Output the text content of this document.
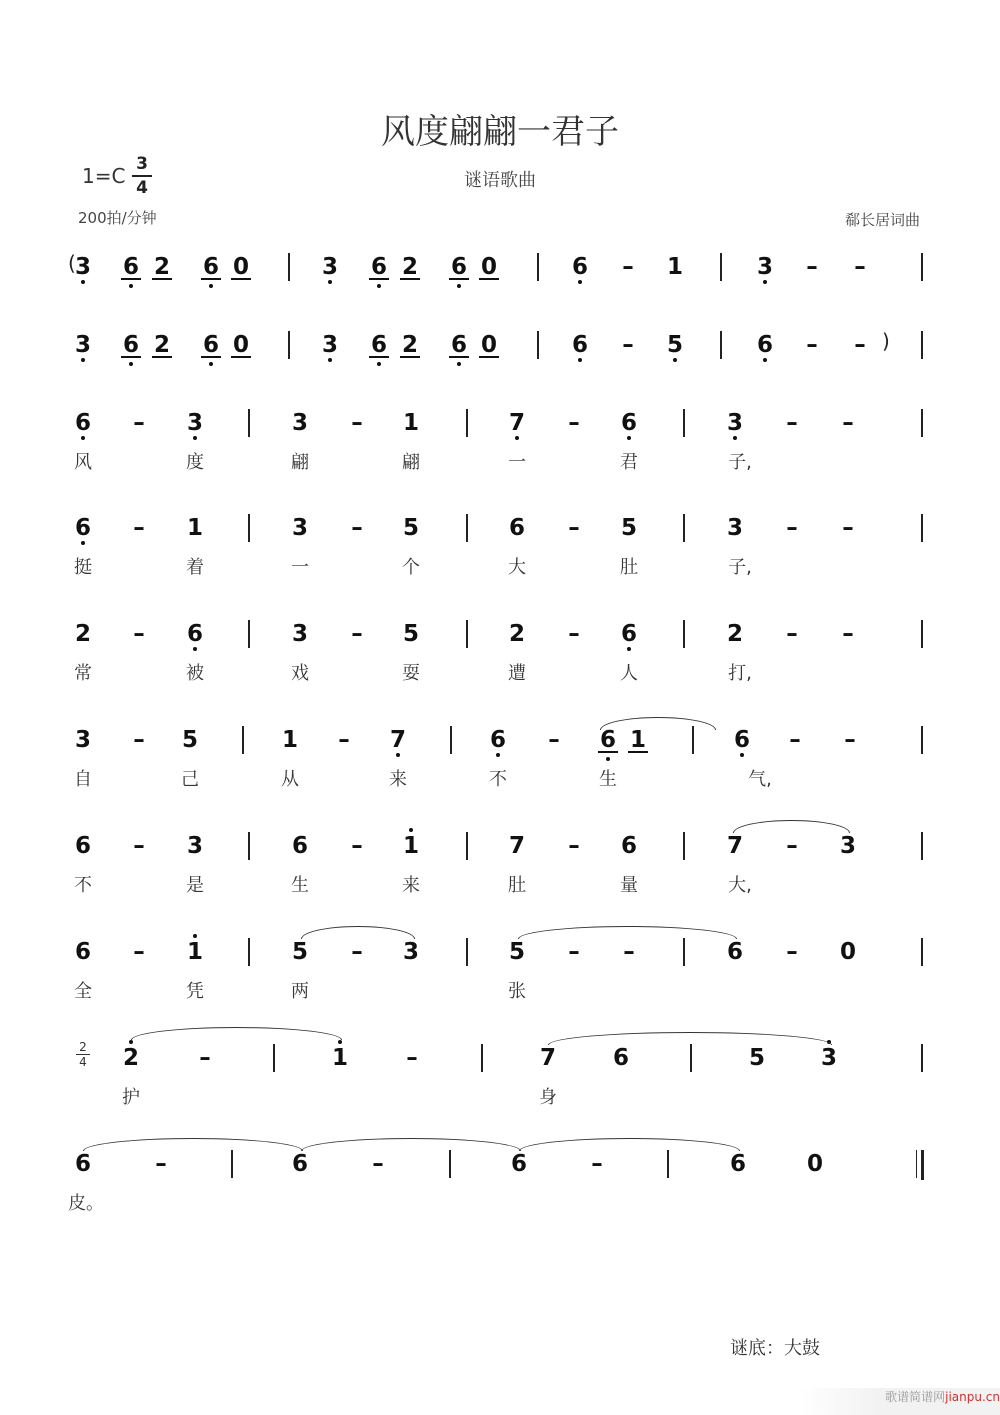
风度翩翩一君子
1=C 3
4	谜语歌曲
200拍/分钟	郗长居词曲
2
4
( 3 6 2 6 0	3 6 2 6 0	6 – 1	3 – –
3 6 2 6 0	3 6 2 6 0	6 – 5	6 – – )
6 – 3	3 – 1	7 – 6	3 – –
风	度	翩	翩	一	君	子,
6 – 1	3 – 5	6 – 5	3 – –
挺	着	一	个	大	肚	子,
2 – 6	3 – 5	2 – 6	2 – –
常	被	戏	耍	遭	人	打,
3 – 5	1 – 7	6 – 6 1	6 – –
自	己	从	来	不	生	气,
6 – 3	6 – 1	7 – 6	7 – 3
不	是	生	来	肚	量	大,
6 – 1	5 – 3	5 – –	6 – 0
全	凭	两	张
2	–	1	–	7 6	5 3
护	身
6	–	6	–	6	–	6	0
皮。
谜底：大鼓
歌谱简谱网jianpu.cn
